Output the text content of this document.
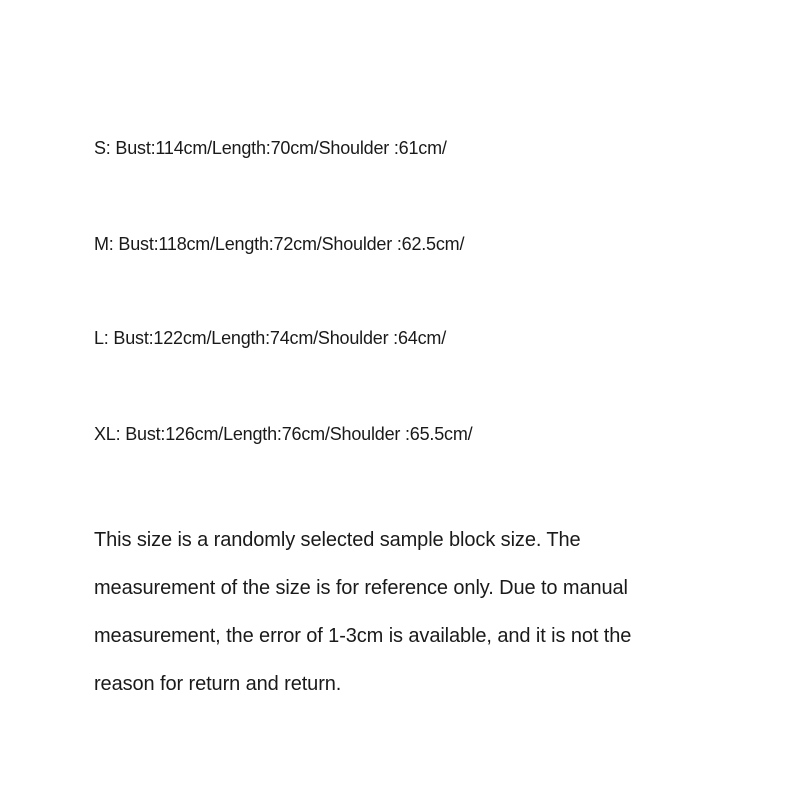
S: Bust:114cm/Length:70cm/Shoulder :61cm/
M: Bust:118cm/Length:72cm/Shoulder :62.5cm/
L: Bust:122cm/Length:74cm/Shoulder :64cm/
XL: Bust:126cm/Length:76cm/Shoulder :65.5cm/
This size is a randomly selected sample block size. The
measurement of the size is for reference only. Due to manual
measurement, the error of 1-3cm is available, and it is not the
reason for return and return.
